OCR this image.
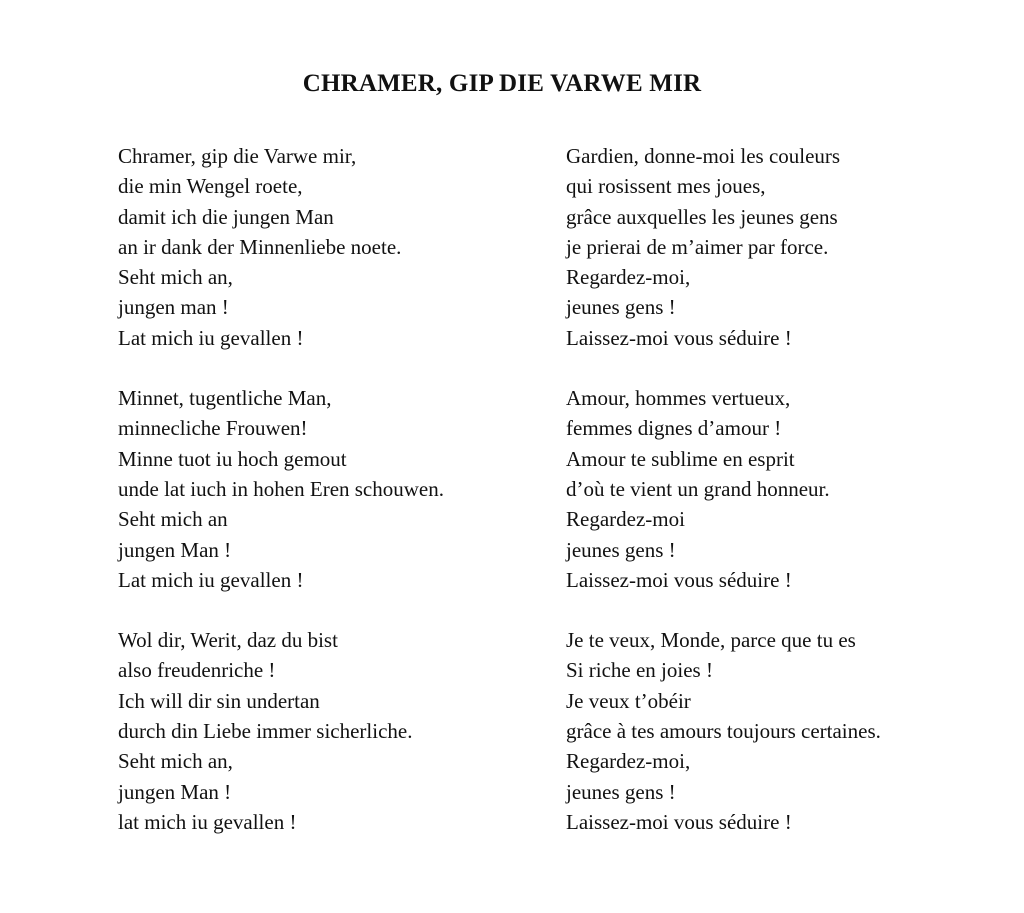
CHRAMER, GIP DIE VARWE MIR
Chramer, gip die Varwe mir,
die min Wengel roete,
damit ich die jungen Man
an ir dank der Minnenliebe noete.
Seht mich an,
jungen man !
Lat mich iu gevallen !
Minnet, tugentliche Man,
minnecliche Frouwen!
Minne tuot iu hoch gemout
unde lat iuch in hohen Eren schouwen.
Seht mich an
jungen Man !
Lat mich iu gevallen !
Wol dir, Werit, daz du bist
also freudenriche !
Ich will dir sin undertan
durch din Liebe immer sicherliche.
Seht mich an,
jungen Man !
lat mich iu gevallen !
Gardien, donne-moi les couleurs
qui rosissent mes joues,
grâce auxquelles les jeunes gens
je prierai de m’aimer par force.
Regardez-moi,
jeunes gens !
Laissez-moi vous séduire !
Amour, hommes vertueux,
femmes dignes d’amour !
Amour te sublime en esprit
d’où te vient un grand honneur.
Regardez-moi
jeunes gens !
Laissez-moi vous séduire !
Je te veux, Monde, parce que tu es
Si riche en joies !
Je veux t’obéir
grâce à tes amours toujours certaines.
Regardez-moi,
jeunes gens !
Laissez-moi vous séduire !
